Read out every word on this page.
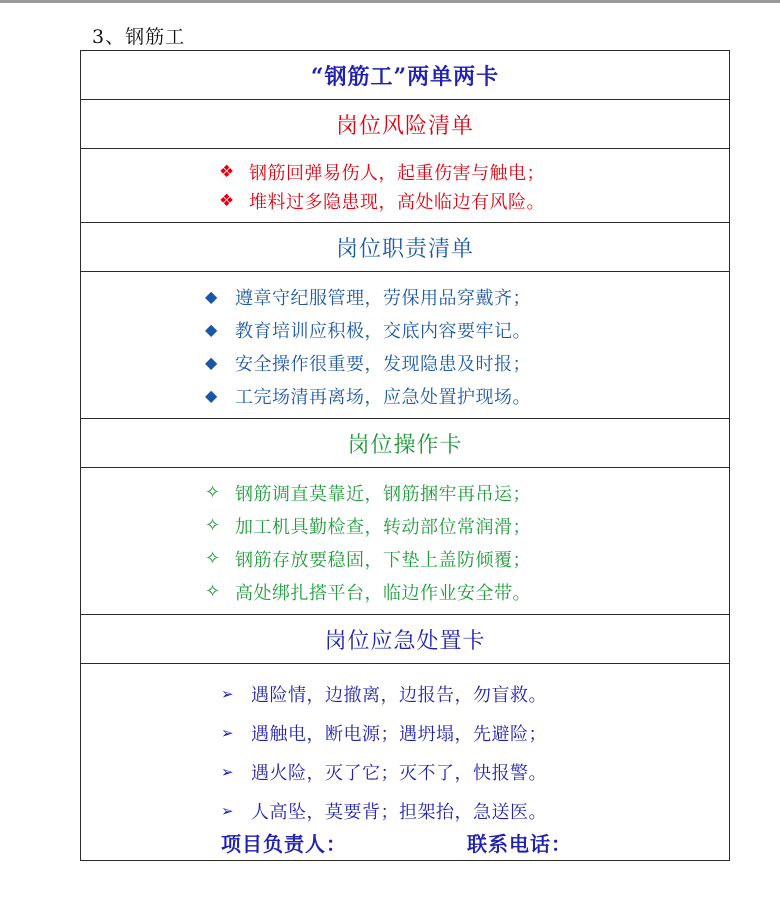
3、钢筋工
“钢筋工”两单两卡
岗位风险清单
❖ 钢筋回弹易伤人，起重伤害与触电；
❖ 堆料过多隐患现，高处临边有风险。
岗位职责清单
◆ 遵章守纪服管理，劳保用品穿戴齐；
◆ 教育培训应积极，交底内容要牢记。
◆ 安全操作很重要，发现隐患及时报；
◆ 工完场清再离场，应急处置护现场。
岗位操作卡
✧ 钢筋调直莫靠近，钢筋捆牢再吊运；
✧ 加工机具勤检查，转动部位常润滑；
✧ 钢筋存放要稳固，下垫上盖防倾覆；
✧ 高处绑扎搭平台，临边作业安全带。
岗位应急处置卡
➢ 遇险情，边撤离，边报告，勿盲救。
➢ 遇触电，断电源；遇坍塌，先避险；
➢ 遇火险，灭了它；灭不了，快报警。
➢ 人高坠，莫要背；担架抬，急送医。
项目负责人：	联系电话：
